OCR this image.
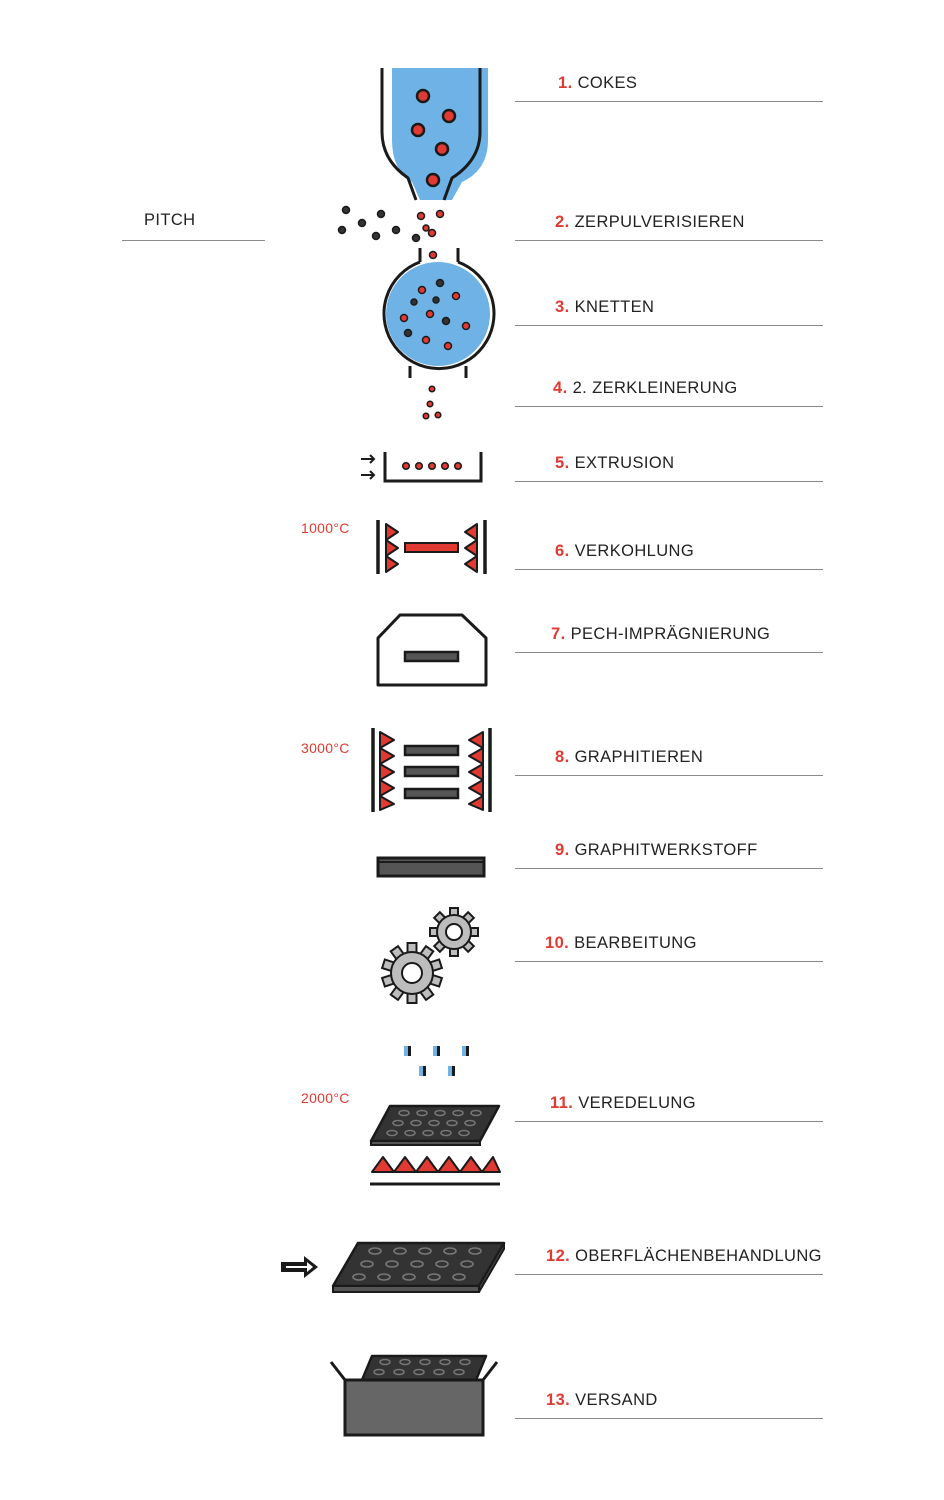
PITCH
1000°C
3000°C
2000°C
1. COKES
2. ZERPULVERISIEREN
3. KNETTEN
4. 2. ZERKLEINERUNG
5. EXTRUSION
6. VERKOHLUNG
7. PECH-IMPRÄGNIERUNG
8. GRAPHITIEREN
9. GRAPHITWERKSTOFF
10. BEARBEITUNG
11. VEREDELUNG
12. OBERFLÄCHENBEHANDLUNG
13. VERSAND
